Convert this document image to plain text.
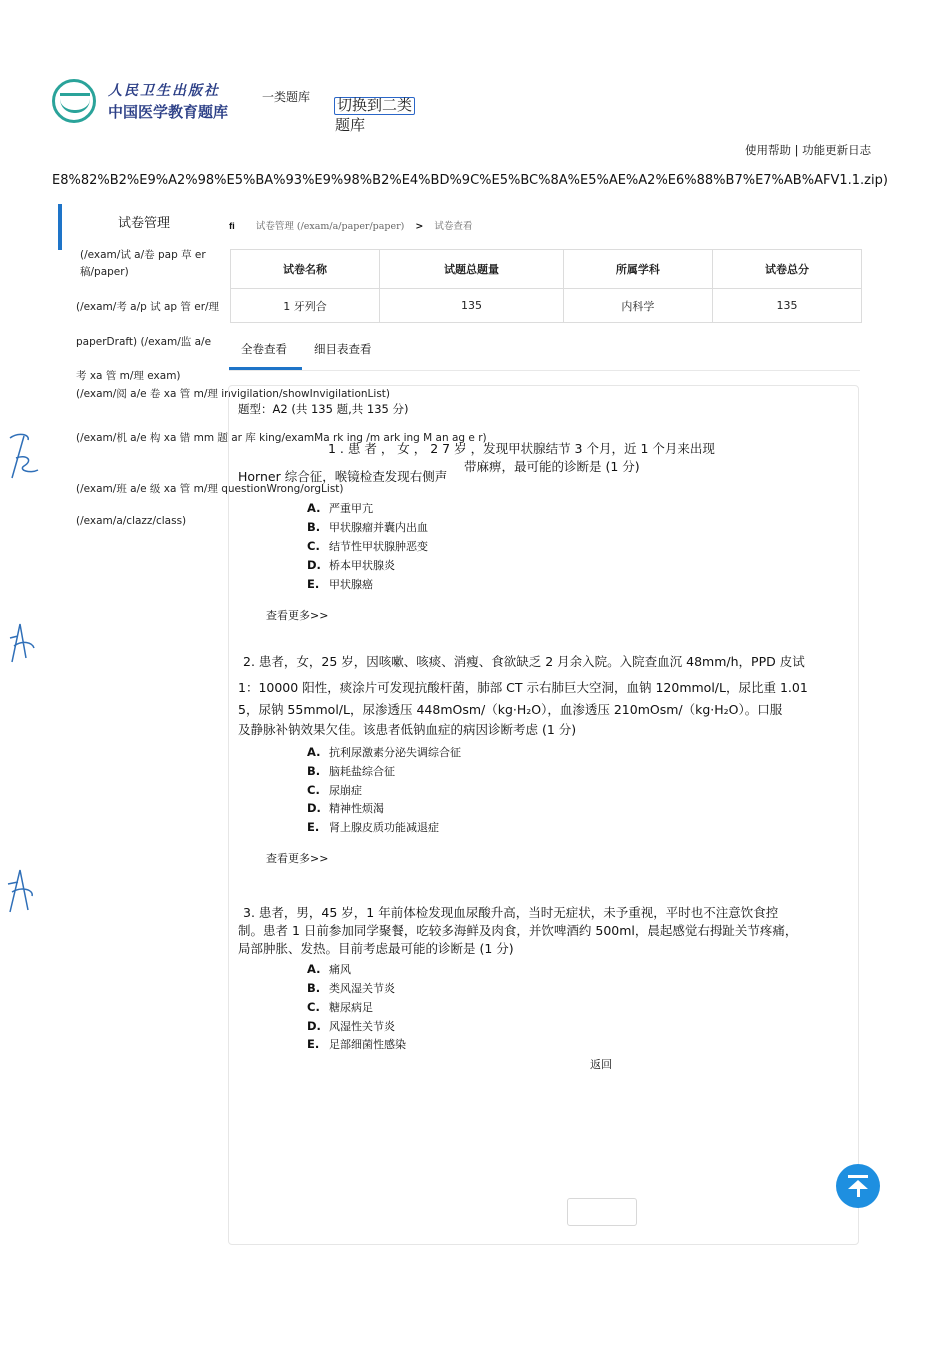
人民卫生出版社
中国医学教育题库
一类题库
切换到二类
题库
使用帮助 | 功能更新日志
E8%82%B2%E9%A2%98%E5%BA%93%E9%98%B2%E4%BD%9C%E5%BC%8A%E5%AE%A2%E6%88%B7%E7%AB%AFV1.1.zip)
试卷管理
(/exam/试 a/卷 pap 草 er
稿/paper)
(/exam/考 a/p 试 ap 管 er/理
paperDraft) (/exam/监 a/e
考 xa 管 m/理 exam)
(/exam/阅 a/e 卷 xa 管 m/理 invigilation/showInvigilationList)
(/exam/机 a/e 构 xa 错 mm 题 ar 库 king/examMa rk ing /m ark ing M an ag e r)
(/exam/班 a/e 级 xa 管 m/理 questionWrong/orgList)
(/exam/a/clazz/class)
fi 试卷管理 (/exam/a/paper/paper) > 试卷查看
试卷名称	试题总题量	所属学科	试卷总分
1 牙列合	135	内科学	135
全卷查看 细目表查看
题型：A2 (共 135 题,共 135 分)
1 . 患 者 ， 女 ， 2 7 岁 ，发现甲状腺结节 3 个月，近 1 个月来出现
带麻痹，最可能的诊断是 (1 分)
Horner 综合征，喉镜检查发现右侧声
A. 严重甲亢
B. 甲状腺瘤并囊内出血
C. 结节性甲状腺肿恶变
D. 桥本甲状腺炎
E. 甲状腺癌
查看更多>>
2. 患者，女，25 岁，因咳嗽、咳痰、消瘦、食欲缺乏 2 月余入院。入院查血沉 48mm/h，PPD 皮试
1：10000 阳性，痰涂片可发现抗酸杆菌，肺部 CT 示右肺巨大空洞，血钠 120mmol/L，尿比重 1.01
5，尿钠 55mmol/L，尿渗透压 448mOsm/（kg·H₂O），血渗透压 210mOsm/（kg·H₂O）。口服
及静脉补钠效果欠佳。该患者低钠血症的病因诊断考虑 (1 分)
A. 抗利尿激素分泌失调综合征
B. 脑耗盐综合征
C. 尿崩症
D. 精神性烦渴
E. 肾上腺皮质功能减退症
查看更多>>
3. 患者，男，45 岁，1 年前体检发现血尿酸升高，当时无症状，未予重视，平时也不注意饮食控
制。患者 1 日前参加同学聚餐，吃较多海鲜及肉食，并饮啤酒约 500ml，晨起感觉右拇趾关节疼痛，
局部肿胀、发热。目前考虑最可能的诊断是 (1 分)
A. 痛风
B. 类风湿关节炎
C. 糖尿病足
D. 风湿性关节炎
E. 足部细菌性感染
返回
